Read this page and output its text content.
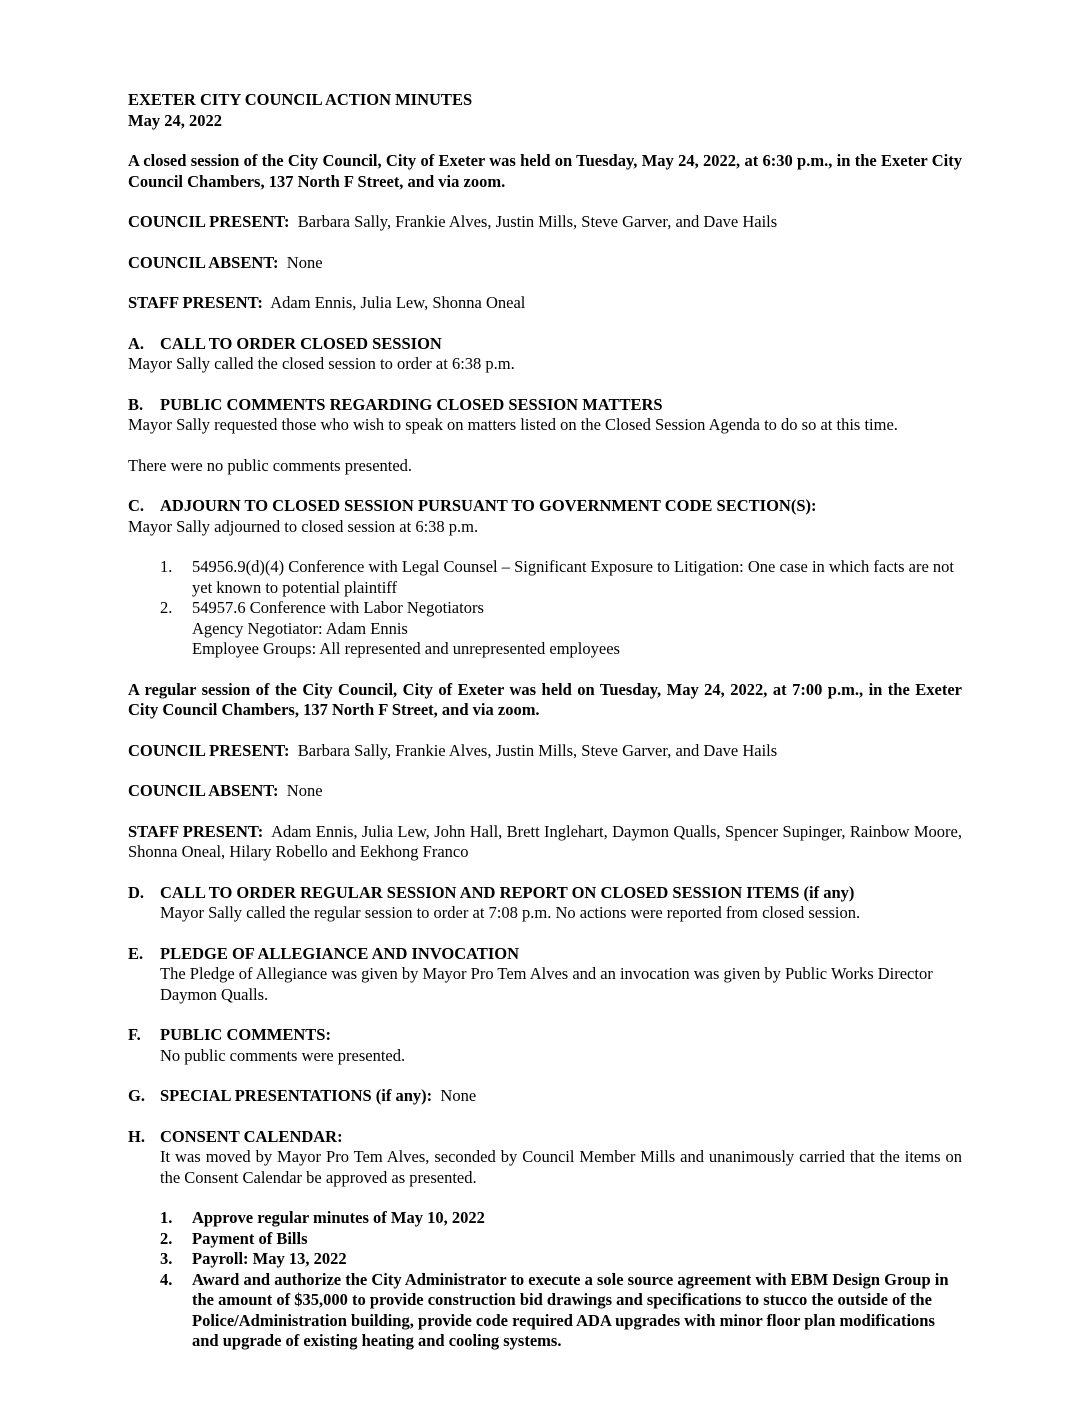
EXETER CITY COUNCIL ACTION MINUTES

May 24, 2022

A closed session of the City Council, City of Exeter was held on Tuesday, May 24, 2022, at 6:30 p.m., in the Exeter City Council Chambers, 137 North F Street, and via zoom.

COUNCIL PRESENT: Barbara Sally, Frankie Alves, Justin Mills, Steve Garver, and Dave Hails

COUNCIL ABSENT: None

STAFF PRESENT: Adam Ennis, Julia Lew, Shonna Oneal

A. CALL TO ORDER CLOSED SESSION

Mayor Sally called the closed session to order at 6:38 p.m.

B. PUBLIC COMMENTS REGARDING CLOSED SESSION MATTERS

Mayor Sally requested those who wish to speak on matters listed on the Closed Session Agenda to do so at this time.

There were no public comments presented.

C. ADJOURN TO CLOSED SESSION PURSUANT TO GOVERNMENT CODE SECTION(S):

Mayor Sally adjourned to closed session at 6:38 p.m.

1. 54956.9(d)(4) Conference with Legal Counsel – Significant Exposure to Litigation: One case in which facts are not yet known to potential plaintiff
2. 54957.6 Conference with Labor Negotiators
Agency Negotiator: Adam Ennis
Employee Groups: All represented and unrepresented employees

A regular session of the City Council, City of Exeter was held on Tuesday, May 24, 2022, at 7:00 p.m., in the Exeter City Council Chambers, 137 North F Street, and via zoom.

COUNCIL PRESENT: Barbara Sally, Frankie Alves, Justin Mills, Steve Garver, and Dave Hails

COUNCIL ABSENT: None

STAFF PRESENT: Adam Ennis, Julia Lew, John Hall, Brett Inglehart, Daymon Qualls, Spencer Supinger, Rainbow Moore, Shonna Oneal, Hilary Robello and Eekhong Franco

D. CALL TO ORDER REGULAR SESSION AND REPORT ON CLOSED SESSION ITEMS (if any)

Mayor Sally called the regular session to order at 7:08 p.m. No actions were reported from closed session.

E. PLEDGE OF ALLEGIANCE AND INVOCATION

The Pledge of Allegiance was given by Mayor Pro Tem Alves and an invocation was given by Public Works Director Daymon Qualls.

F. PUBLIC COMMENTS:

No public comments were presented.

G. SPECIAL PRESENTATIONS (if any): None

H. CONSENT CALENDAR:

It was moved by Mayor Pro Tem Alves, seconded by Council Member Mills and unanimously carried that the items on the Consent Calendar be approved as presented.

1. Approve regular minutes of May 10, 2022
2. Payment of Bills
3. Payroll: May 13, 2022
4. Award and authorize the City Administrator to execute a sole source agreement with EBM Design Group in the amount of $35,000 to provide construction bid drawings and specifications to stucco the outside of the Police/Administration building, provide code required ADA upgrades with minor floor plan modifications and upgrade of existing heating and cooling systems.
